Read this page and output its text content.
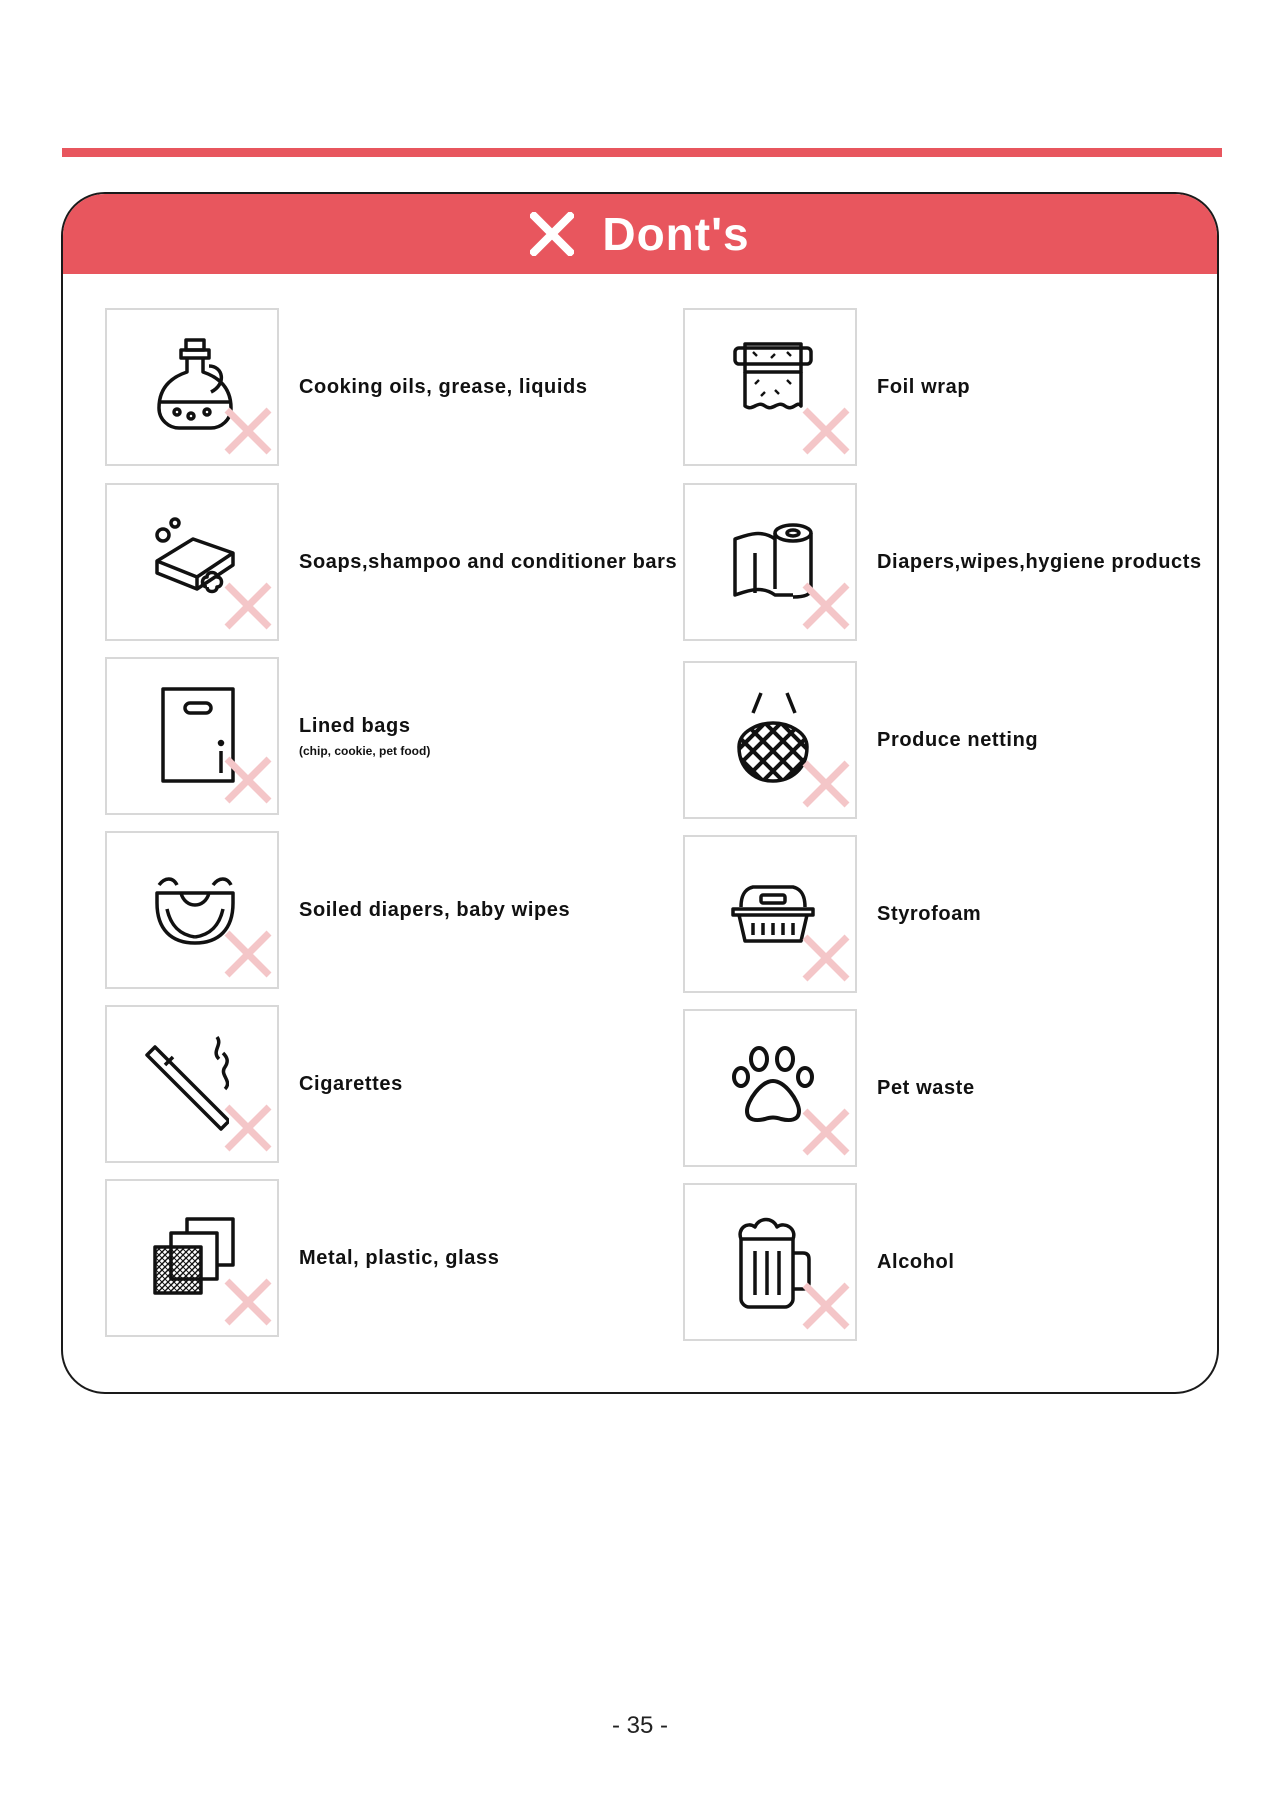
Dont's
Cooking oils, grease, liquids
Soaps,shampoo and conditioner bars
Lined bags
(chip, cookie, pet food)
Soiled diapers, baby wipes
Cigarettes
Metal, plastic, glass
Foil wrap
Diapers,wipes,hygiene products
Produce netting
Styrofoam
Pet waste
Alcohol
- 35 -
